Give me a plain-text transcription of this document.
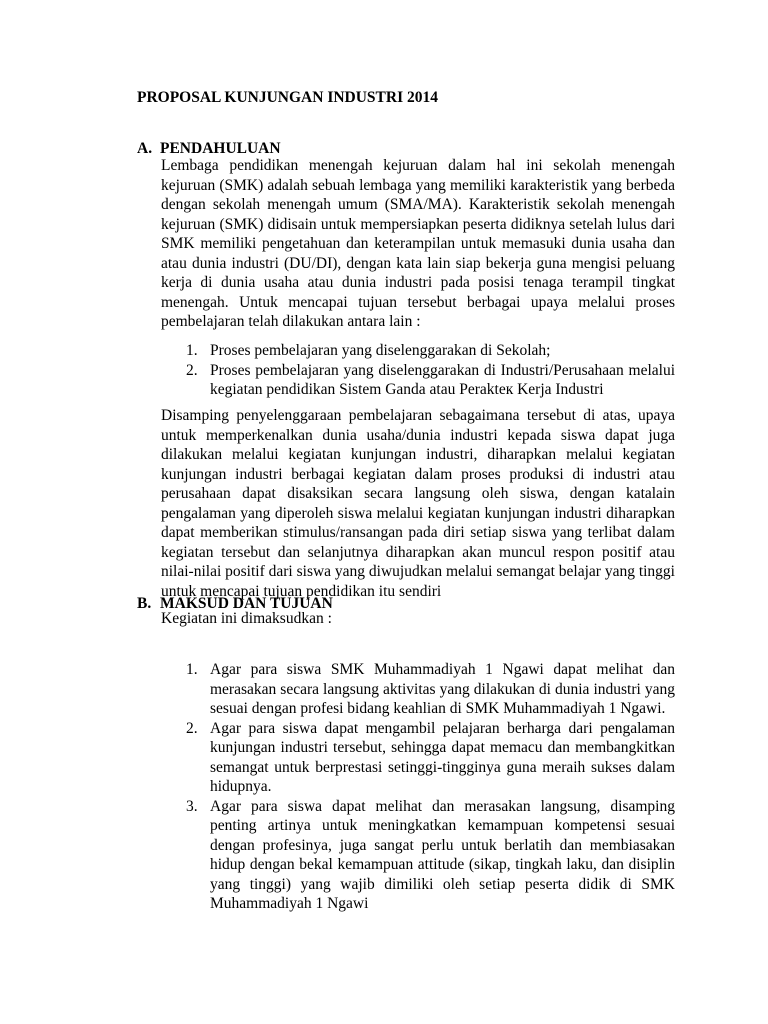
PROPOSAL KUNJUNGAN INDUSTRI 2014
A. PENDAHULUAN

Lembaga pendidikan menengah kejuruan dalam hal ini sekolah menengah kejuruan (SMK) adalah sebuah lembaga yang memiliki karakteristik yang berbeda dengan sekolah menengah umum (SMA/MA). Karakteristik sekolah menengah kejuruan (SMK) didisain untuk mempersiapkan peserta didiknya setelah lulus dari SMK memiliki pengetahuan dan keterampilan untuk memasuki dunia usaha dan atau dunia industri (DU/DI), dengan kata lain siap bekerja guna mengisi peluang kerja di dunia usaha atau dunia industri pada posisi tenaga terampil tingkat menengah. Untuk mencapai tujuan tersebut berbagai upaya melalui proses pembelajaran telah dilakukan antara lain :

1. Proses pembelajaran yang diselenggarakan di Sekolah;
2. Proses pembelajaran yang diselenggarakan di Industri/Perusahaan melalui kegiatan pendidikan Sistem Ganda atau Perakteк Kerja Industri

Disamping penyelenggaraan pembelajaran sebagaimana tersebut di atas, upaya untuk memperkenalkan dunia usaha/dunia industri kepada siswa dapat juga dilakukan melalui kegiatan kunjungan industri, diharapkan melalui kegiatan kunjungan industri berbagai kegiatan dalam proses produksi di industri atau perusahaan dapat disaksikan secara langsung oleh siswa, dengan katalain pengalaman yang diperoleh siswa melalui kegiatan kunjungan industri diharapkan dapat memberikan stimulus/ransangan pada diri setiap siswa yang terlibat dalam kegiatan tersebut dan selanjutnya diharapkan akan muncul respon positif atau nilai-nilai positif dari siswa yang diwujudkan melalui semangat belajar yang tinggi untuk mencapai tujuan pendidikan itu sendiri

B. MAKSUD DAN TUJUAN

Kegiatan ini dimaksudkan :

1. Agar para siswa SMK Muhammadiyah 1 Ngawi dapat melihat dan merasakan secara langsung aktivitas yang dilakukan di dunia industri yang sesuai dengan profesi bidang keahlian di SMK Muhammadiyah 1 Ngawi.
2. Agar para siswa dapat mengambil pelajaran berharga dari pengalaman kunjungan industri tersebut, sehingga dapat memacu dan membangkitkan semangat untuk berprestasi setinggi-tingginya guna meraih sukses dalam hidupnya.
3. Agar para siswa dapat melihat dan merasakan langsung, disamping penting artinya untuk meningkatkan kemampuan kompetensi sesuai dengan profesinya, juga sangat perlu untuk berlatih dan membiasakan hidup dengan bekal kemampuan attitude (sikap, tingkah laku, dan disiplin yang tinggi) yang wajib dimiliki oleh setiap peserta didik di SMK Muhammadiyah 1 Ngawi
